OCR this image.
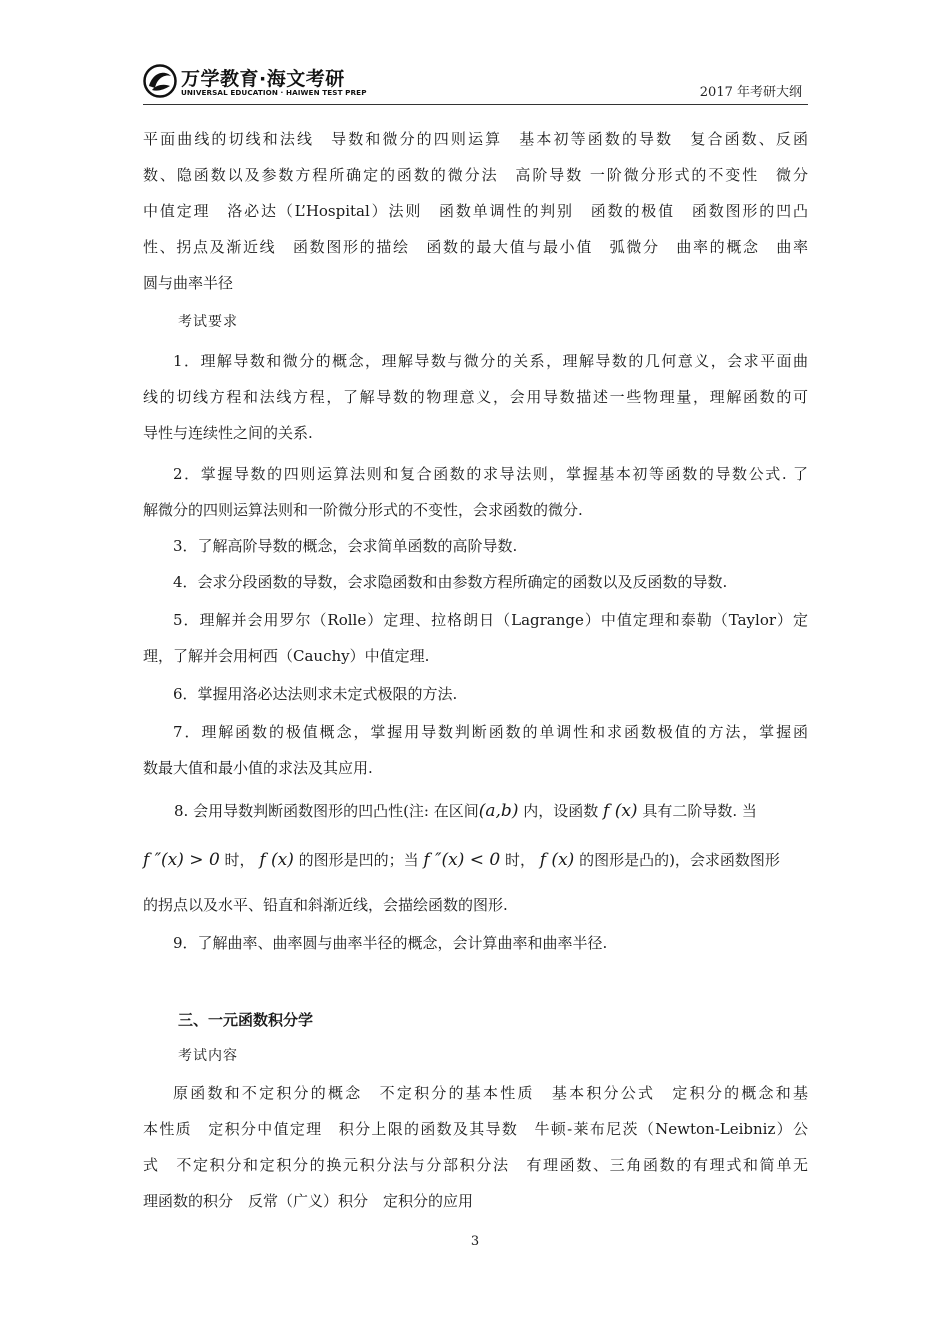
万学教育·海文考研
UNIVERSAL EDUCATION · HAIWEN TEST PREP	2017 年考研大纲
平面曲线的切线和法线　导数和微分的四则运算　基本初等函数的导数　复合函数、反函
数、隐函数以及参数方程所确定的函数的微分法　高阶导数 一阶微分形式的不变性　微分
中值定理　洛必达（L’Hospital）法则　函数单调性的判别　函数的极值　函数图形的凹凸
性、拐点及渐近线　函数图形的描绘　函数的最大值与最小值　弧微分　曲率的概念　曲率
圆与曲率半径
考试要求
1．理解导数和微分的概念，理解导数与微分的关系，理解导数的几何意义，会求平面曲
线的切线方程和法线方程，了解导数的物理意义，会用导数描述一些物理量，理解函数的可
导性与连续性之间的关系.
2．掌握导数的四则运算法则和复合函数的求导法则，掌握基本初等函数的导数公式. 了
解微分的四则运算法则和一阶微分形式的不变性，会求函数的微分.
3．了解高阶导数的概念，会求简单函数的高阶导数.
4．会求分段函数的导数，会求隐函数和由参数方程所确定的函数以及反函数的导数.
5．理解并会用罗尔（Rolle）定理、拉格朗日（Lagrange）中值定理和泰勒（Taylor）定
理，了解并会用柯西（Cauchy）中值定理.
6．掌握用洛必达法则求未定式极限的方法.
7．理解函数的极值概念，掌握用导数判断函数的单调性和求函数极值的方法，掌握函
数最大值和最小值的求法及其应用.
8. 会用导数判断函数图形的凹凸性(注: 在区间(a,b) 内，设函数 f (x) 具有二阶导数. 当
f ″(x) > 0 时， f (x) 的图形是凹的；当 f ″(x) < 0 时， f (x) 的图形是凸的)，会求函数图形
的拐点以及水平、铅直和斜渐近线，会描绘函数的图形.
9．了解曲率、曲率圆与曲率半径的概念，会计算曲率和曲率半径.
三、一元函数积分学
考试内容
原函数和不定积分的概念　不定积分的基本性质　基本积分公式　定积分的概念和基
本性质　定积分中值定理　积分上限的函数及其导数　牛顿-莱布尼茨（Newton-Leibniz）公
式　不定积分和定积分的换元积分法与分部积分法　有理函数、三角函数的有理式和简单无
理函数的积分　反常（广义）积分　定积分的应用
3
